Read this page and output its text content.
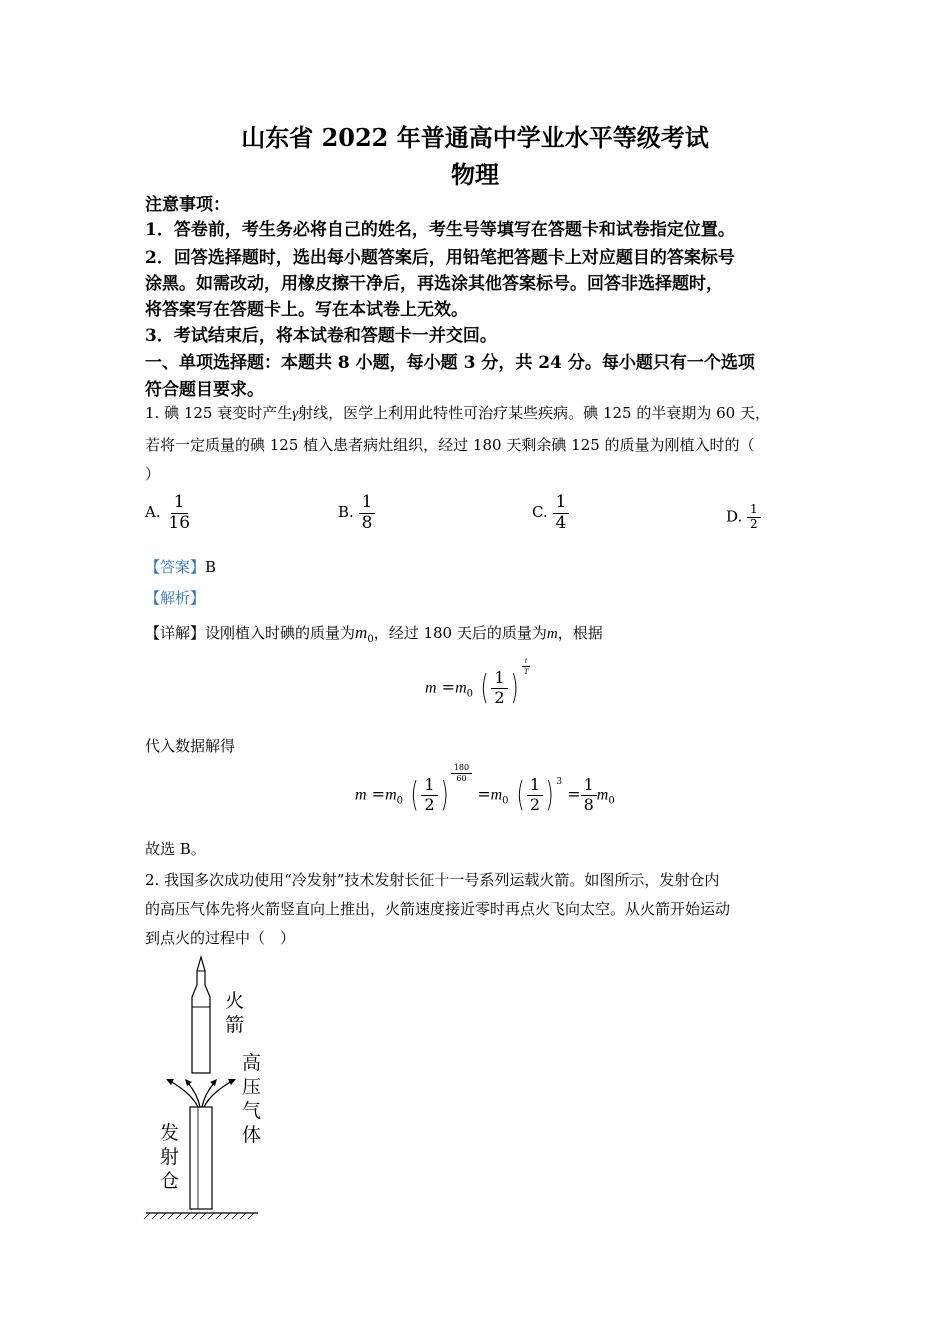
山东省 2022 年普通高中学业水平等级考试
物理
注意事项：
1．答卷前，考生务必将自己的姓名，考生号等填写在答题卡和试卷指定位置。
2．回答选择题时，选出每小题答案后，用铅笔把答题卡上对应题目的答案标号
涂黑。如需改动，用橡皮擦干净后，再选涂其他答案标号。回答非选择题时，
将答案写在答题卡上。写在本试卷上无效。
3．考试结束后，将本试卷和答题卡一并交回。
一、单项选择题：本题共 8 小题，每小题 3 分，共 24 分。每小题只有一个选项
符合题目要求。
1. 碘 125 衰变时产生γ射线，医学上利用此特性可治疗某些疾病。碘 125 的半衰期为 60 天，
若将一定质量的碘 125 植入患者病灶组织，经过 180 天剩余碘 125 的质量为刚植入时的（
）
A. $\frac{1}{16}$	B. $\frac{1}{8}$	C. $\frac{1}{4}$	D. $\frac{1}{2}$
【答案】B
【解析】
【详解】设刚植入时碘的质量为$m_0$，经过 180 天后的质量为m，根据
$m =m_0$ ( $\frac{1}{2}$ )
$\frac{t}{T}$
代入数据解得
$m =m_0$ ( $\frac{1}{2}$ )
$\frac{180}{60}$
$=m_0$ ( $\frac{1}{2}$ ) $^3 = \frac{1}{8} m_0$
故选 B。
2. 我国多次成功使用“冷发射”技术发射长征十一号系列运载火箭。如图所示，发射仓内
的高压气体先将火箭竖直向上推出，火箭速度接近零时再点火飞向太空。从火箭开始运动
到点火的过程中（　）
火
箭
高
压
气
体
发
射
仓
